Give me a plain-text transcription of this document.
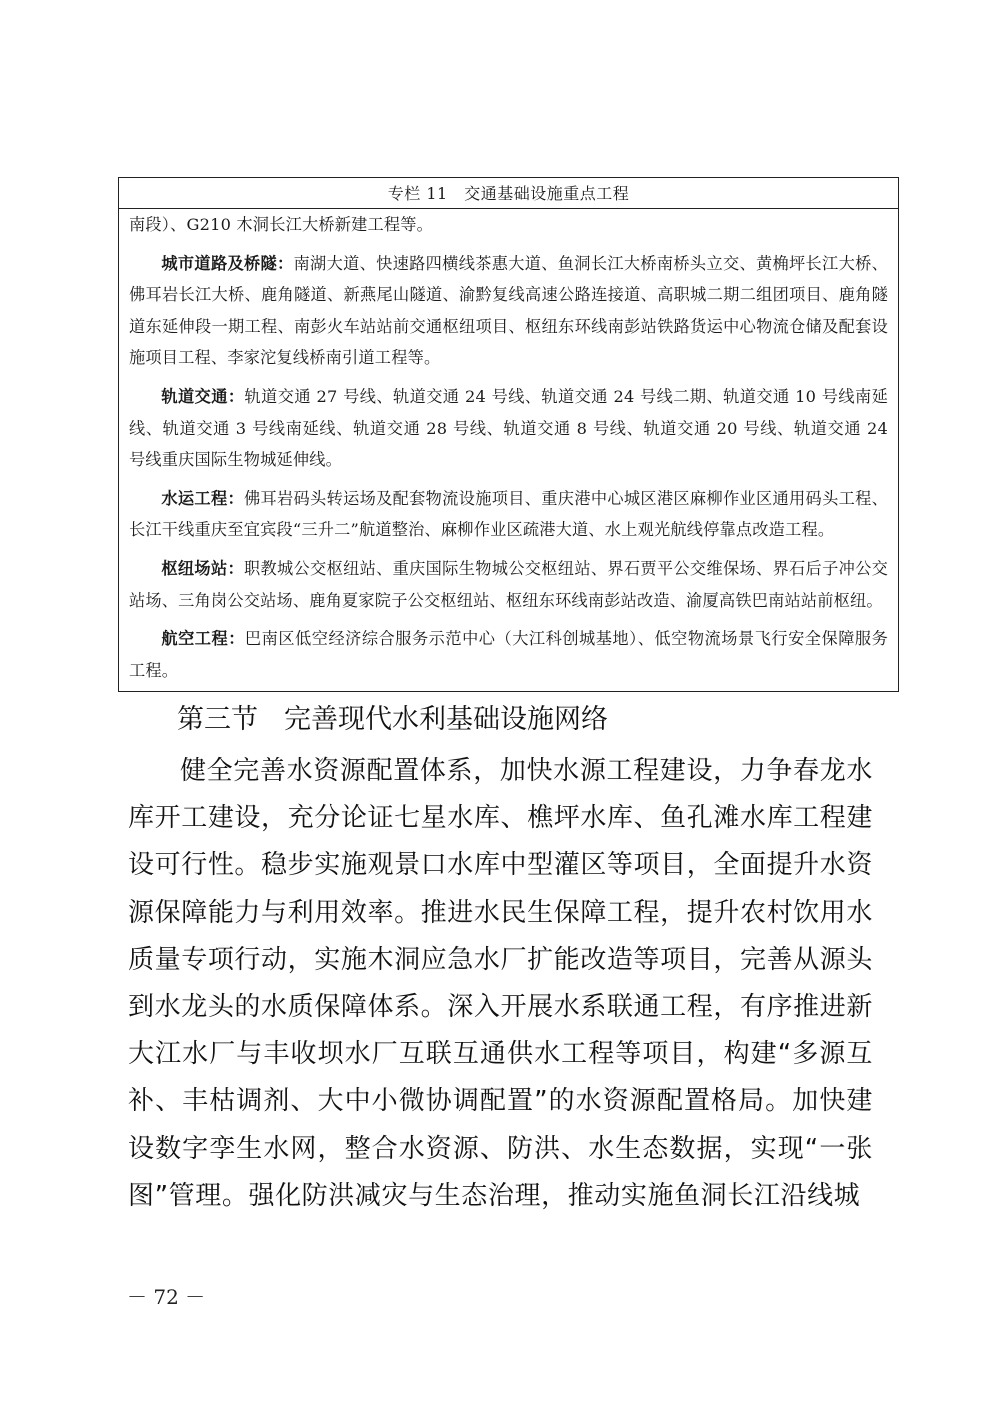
专栏 11　交通基础设施重点工程

南段）、G210 木洞长江大桥新建工程等。

城市道路及桥隧：南湖大道、快速路四横线茶惠大道、鱼洞长江大桥南桥头立交、黄桷坪长江大桥、佛耳岩长江大桥、鹿角隧道、新燕尾山隧道、渝黔复线高速公路连接道、高职城二期二组团项目、鹿角隧道东延伸段一期工程、南彭火车站站前交通枢纽项目、枢纽东环线南彭站铁路货运中心物流仓储及配套设施项目工程、李家沱复线桥南引道工程等。

轨道交通：轨道交通 27 号线、轨道交通 24 号线、轨道交通 24 号线二期、轨道交通 10 号线南延线、轨道交通 3 号线南延线、轨道交通 28 号线、轨道交通 8 号线、轨道交通 20 号线、轨道交通 24 号线重庆国际生物城延伸线。

水运工程：佛耳岩码头转运场及配套物流设施项目、重庆港中心城区港区麻柳作业区通用码头工程、长江干线重庆至宜宾段“三升二”航道整治、麻柳作业区疏港大道、水上观光航线停靠点改造工程。

枢纽场站：职教城公交枢纽站、重庆国际生物城公交枢纽站、界石贾平公交维保场、界石后子冲公交站场、三角岗公交站场、鹿角夏家院子公交枢纽站、枢纽东环线南彭站改造、渝厦高铁巴南站站前枢纽。

航空工程：巴南区低空经济综合服务示范中心（大江科创城基地）、低空物流场景飞行安全保障服务工程。

第三节 完善现代水利基础设施网络

健全完善水资源配置体系，加快水源工程建设，力争春龙水库开工建设，充分论证七星水库、樵坪水库、鱼孔滩水库工程建设可行性。稳步实施观景口水库中型灌区等项目，全面提升水资源保障能力与利用效率。推进水民生保障工程，提升农村饮用水质量专项行动，实施木洞应急水厂扩能改造等项目，完善从源头到水龙头的水质保障体系。深入开展水系联通工程，有序推进新大江水厂与丰收坝水厂互联互通供水工程等项目，构建“多源互补、丰枯调剂、大中小微协调配置”的水资源配置格局。加快建设数字孪生水网，整合水资源、防洪、水生态数据，实现“一张图”管理。强化防洪减灾与生态治理，推动实施鱼洞长江沿线城

－ 72 －
